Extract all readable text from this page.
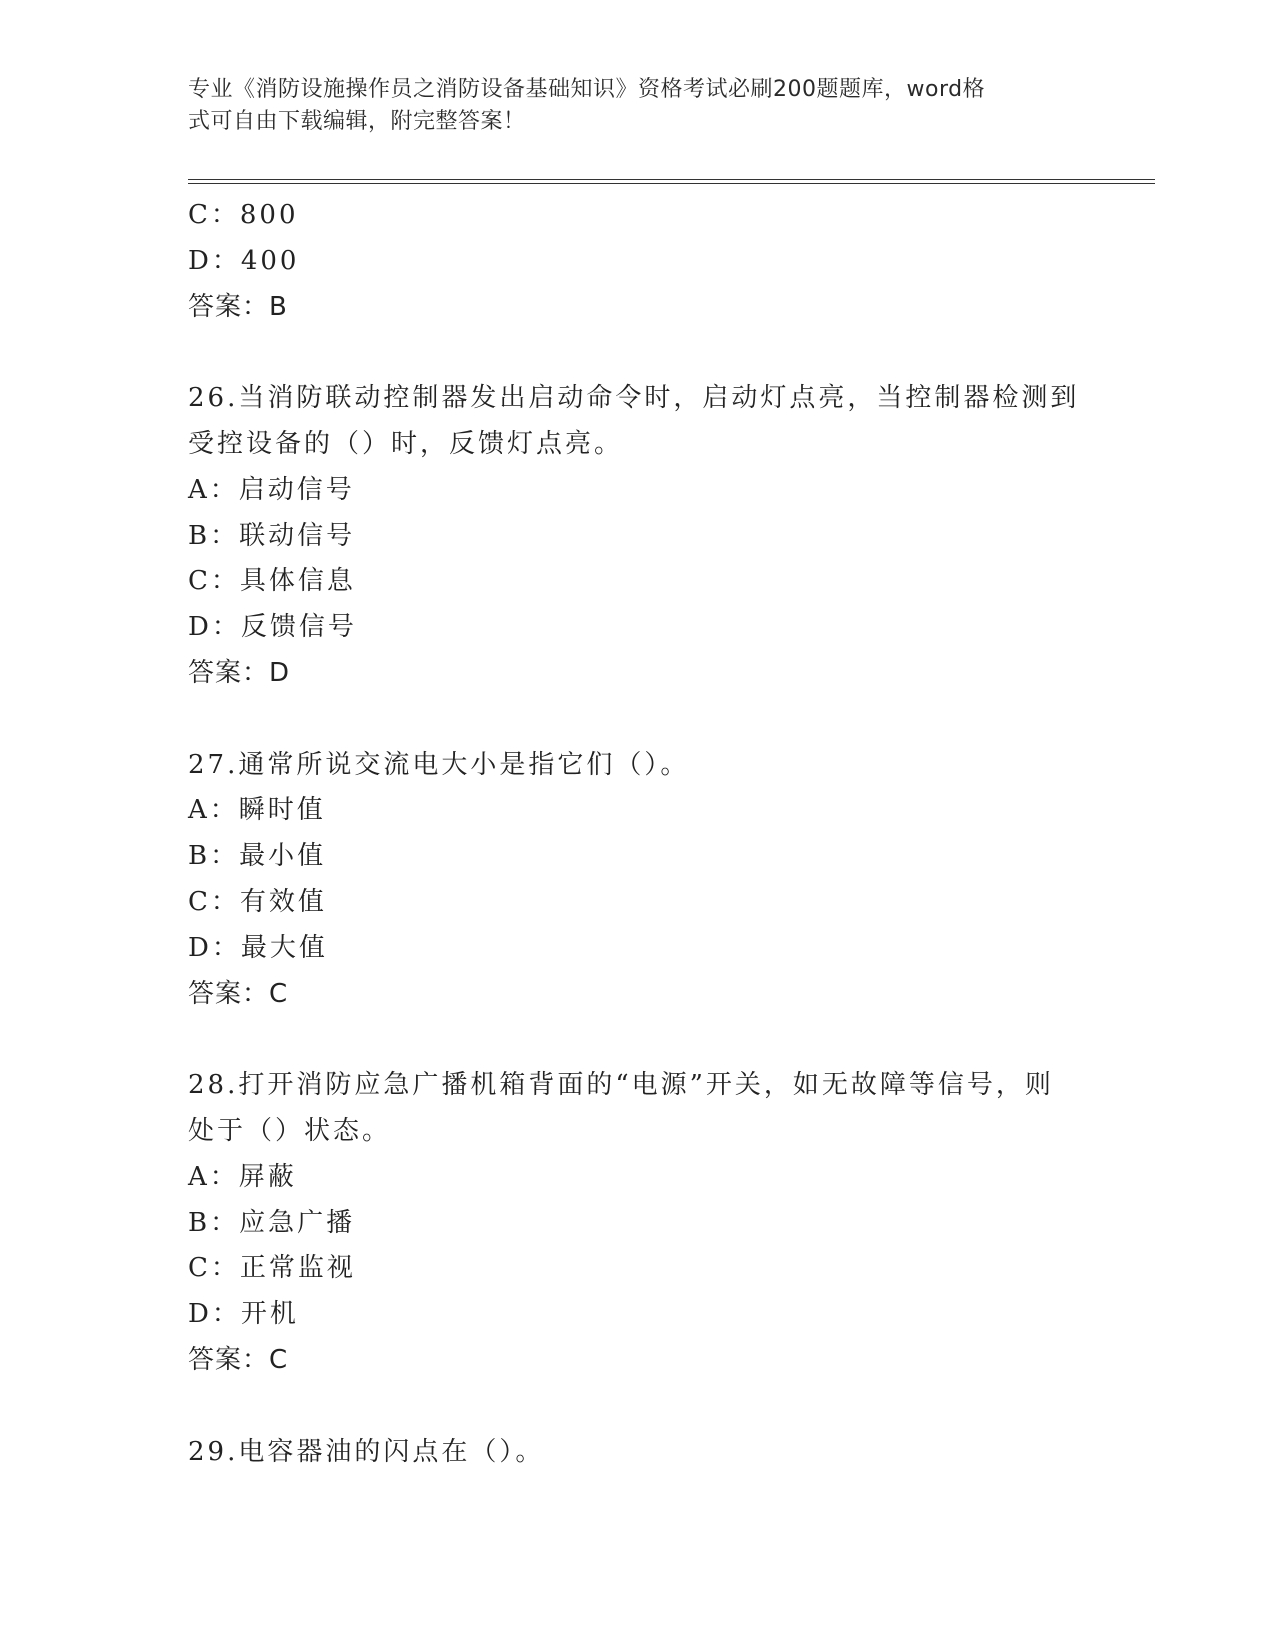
专业《消防设施操作员之消防设备基础知识》资格考试必刷200题题库，word格
式可自由下载编辑，附完整答案！
C：800
D：400
答案：B
26.当消防联动控制器发出启动命令时，启动灯点亮，当控制器检测到
受控设备的（）时，反馈灯点亮。
A：启动信号
B：联动信号
C：具体信息
D：反馈信号
答案：D
27.通常所说交流电大小是指它们（）。
A：瞬时值
B：最小值
C：有效值
D：最大值
答案：C
28.打开消防应急广播机箱背面的“电源”开关，如无故障等信号，则
处于（）状态。
A：屏蔽
B：应急广播
C：正常监视
D：开机
答案：C
29.电容器油的闪点在（）。
